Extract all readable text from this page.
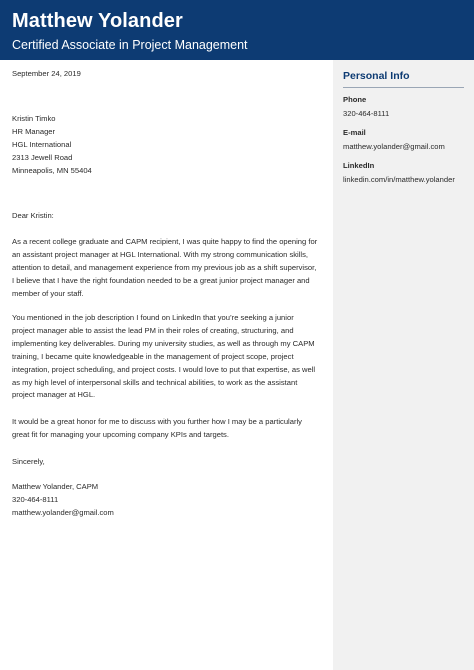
Matthew Yolander
Certified Associate in Project Management

September 24, 2019

Kristin Timko
HR Manager
HGL International
2313 Jewell Road
Minneapolis, MN 55404

Dear Kristin:

As a recent college graduate and CAPM recipient, I was quite happy to find the opening for
an assistant project manager at HGL International. With my strong communication skills,
attention to detail, and management experience from my previous job as a shift supervisor,
I believe that I have the right foundation needed to be a great junior project manager and
member of your staff.
You mentioned in the job description I found on LinkedIn that you’re seeking a junior
project manager able to assist the lead PM in their roles of creating, structuring, and
implementing key deliverables. During my university studies, as well as through my CAPM
training, I became quite knowledgeable in the management of project scope, project
integration, project scheduling, and project costs. I would love to put that expertise, as well
as my high level of interpersonal skills and technical abilities, to work as the assistant
project manager at HGL.
It would be a great honor for me to discuss with you further how I may be a particularly
great fit for managing your upcoming company KPIs and targets.

Sincerely,

Matthew Yolander, CAPM
320-464-8111
matthew.yolander@gmail.com
Personal Info
Phone
320-464-8111
E-mail
matthew.yolander@gmail.com
LinkedIn
linkedin.com/in/matthew.yolander
